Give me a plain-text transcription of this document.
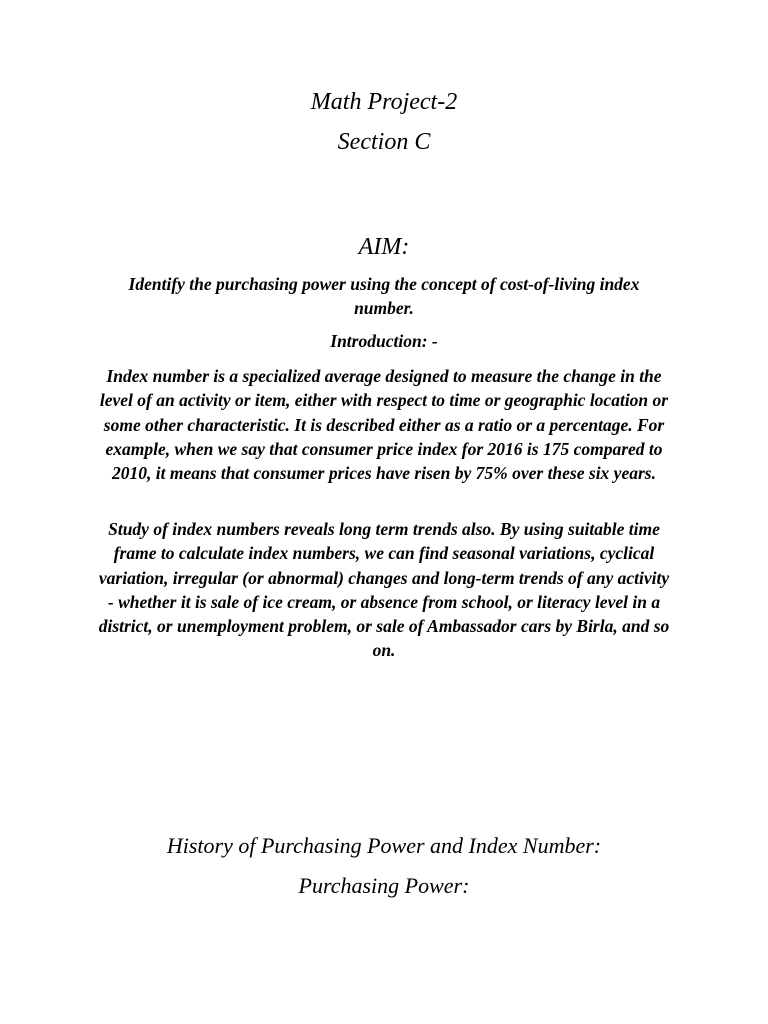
Math Project-2
Section C
AIM:

Identify the purchasing power using the concept of cost-of-living index number.

Introduction: -

Index number is a specialized average designed to measure the change in the level of an activity or item, either with respect to time or geographic location or some other characteristic. It is described either as a ratio or a percentage. For example, when we say that consumer price index for 2016 is 175 compared to 2010, it means that consumer prices have risen by 75% over these six years.

Study of index numbers reveals long term trends also. By using suitable time frame to calculate index numbers, we can find seasonal variations, cyclical variation, irregular (or abnormal) changes and long-term trends of any activity - whether it is sale of ice cream, or absence from school, or literacy level in a district, or unemployment problem, or sale of Ambassador cars by Birla, and so on.

History of Purchasing Power and Index Number:
Purchasing Power:
